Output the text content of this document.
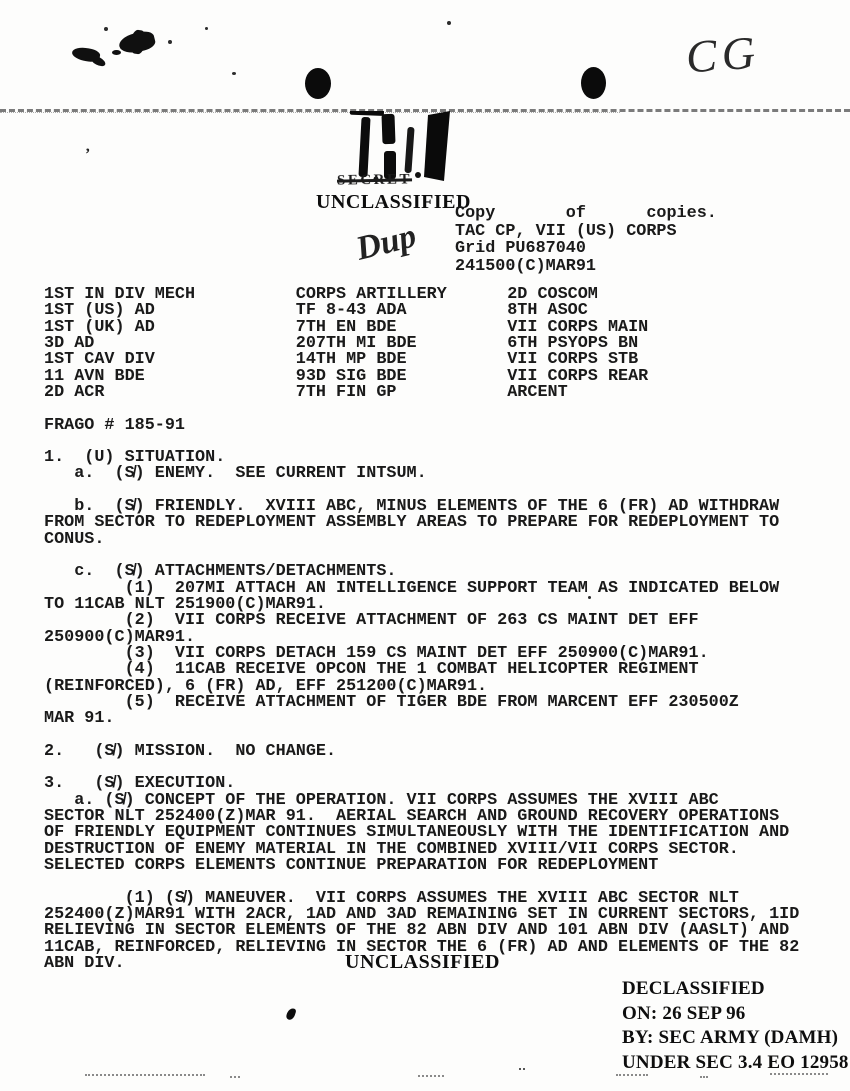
’
CG
SECRET
UNCLASSIFIED
Copy       of      copies.
TAC CP, VII (US) CORPS
Grid PU687040
241500(C)MAR91
Dup
1ST IN DIV MECH          CORPS ARTILLERY      2D COSCOM
1ST (US) AD              TF 8-43 ADA          8TH ASOC
1ST (UK) AD              7TH EN BDE           VII CORPS MAIN
3D AD                    207TH MI BDE         6TH PSYOPS BN
1ST CAV DIV              14TH MP BDE          VII CORPS STB
11 AVN BDE               93D SIG BDE          VII CORPS REAR
2D ACR                   7TH FIN GP           ARCENT
FRAGO # 185-91
1.  (U) SITUATION.
a.  (S̸) ENEMY.  SEE CURRENT INTSUM.
b.  (S̸) FRIENDLY.  XVIII ABC, MINUS ELEMENTS OF THE 6 (FR) AD WITHDRAW
FROM SECTOR TO REDEPLOYMENT ASSEMBLY AREAS TO PREPARE FOR REDEPLOYMENT TO
CONUS.
c.  (S̸) ATTACHMENTS/DETACHMENTS.
(1)  207MI ATTACH AN INTELLIGENCE SUPPORT TEAM AS INDICATED BELOW
TO 11CAB NLT 251900(C)MAR91.
(2)  VII CORPS RECEIVE ATTACHMENT OF 263 CS MAINT DET EFF
250900(C)MAR91.
(3)  VII CORPS DETACH 159 CS MAINT DET EFF 250900(C)MAR91.
(4)  11CAB RECEIVE OPCON THE 1 COMBAT HELICOPTER REGIMENT
(REINFORCED), 6 (FR) AD, EFF 251200(C)MAR91.
(5)  RECEIVE ATTACHMENT OF TIGER BDE FROM MARCENT EFF 230500Z
MAR 91.
2.   (S̸) MISSION.  NO CHANGE.
3.   (S̸) EXECUTION.
a. (S̸) CONCEPT OF THE OPERATION. VII CORPS ASSUMES THE XVIII ABC
SECTOR NLT 252400(Z)MAR 91.  AERIAL SEARCH AND GROUND RECOVERY OPERATIONS
OF FRIENDLY EQUIPMENT CONTINUES SIMULTANEOUSLY WITH THE IDENTIFICATION AND
DESTRUCTION OF ENEMY MATERIAL IN THE COMBINED XVIII/VII CORPS SECTOR.
SELECTED CORPS ELEMENTS CONTINUE PREPARATION FOR REDEPLOYMENT
(1) (S̸) MANEUVER.  VII CORPS ASSUMES THE XVIII ABC SECTOR NLT
252400(Z)MAR91 WITH 2ACR, 1AD AND 3AD REMAINING SET IN CURRENT SECTORS, 1ID
RELIEVING IN SECTOR ELEMENTS OF THE 82 ABN DIV AND 101 ABN DIV (AASLT) AND
11CAB, REINFORCED, RELIEVING IN SECTOR THE 6 (FR) AD AND ELEMENTS OF THE 82
ABN DIV.	UNCLASSIFIED
DECLASSIFIED
ON: 26 SEP 96
BY: SEC ARMY (DAMH)
UNDER SEC 3.4 EO 12958
